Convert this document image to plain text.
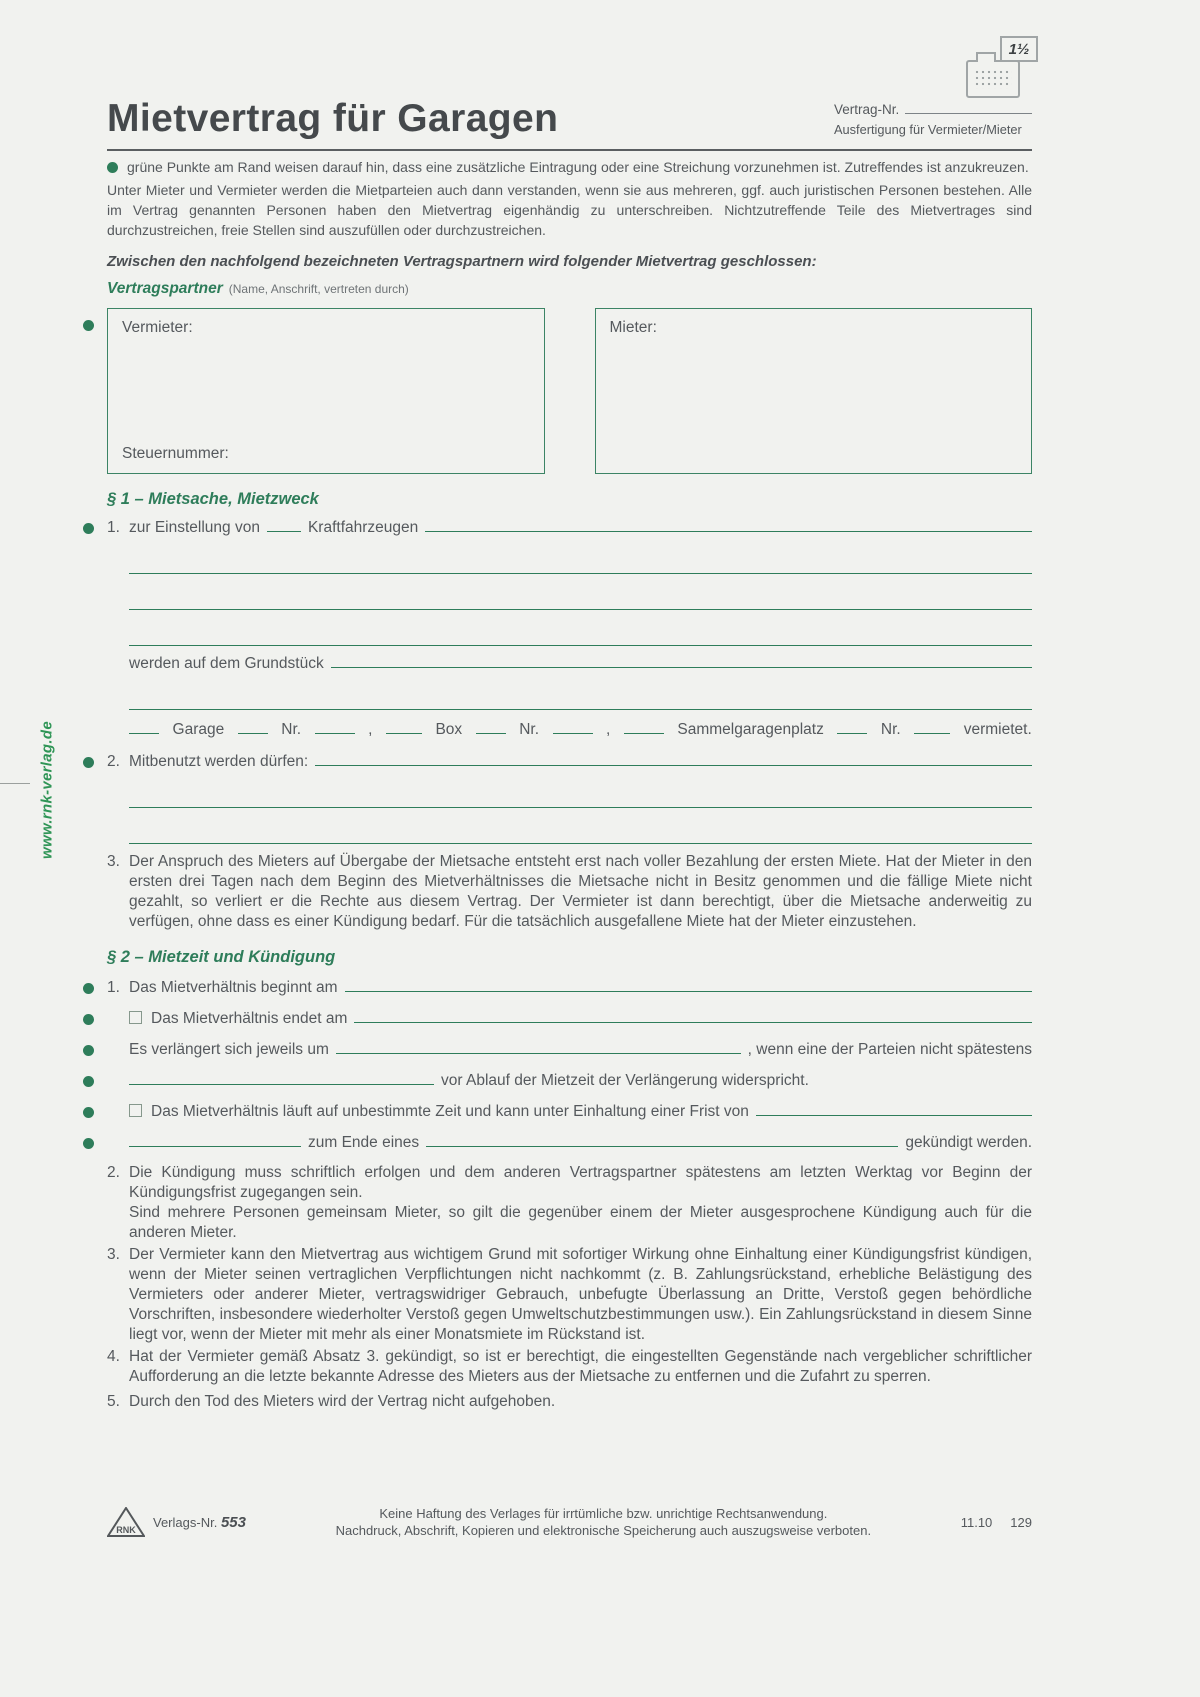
1½
www.rnk-verlag.de
Mietvertrag für Garagen	Vertrag-Nr.
Ausfertigung für Vermieter/Mieter

grüne Punkte am Rand weisen darauf hin, dass eine zusätzliche Eintragung oder eine Streichung vorzunehmen ist. Zutreffendes ist anzukreuzen.

Unter Mieter und Vermieter werden die Mietparteien auch dann verstanden, wenn sie aus mehreren, ggf. auch juristischen Personen bestehen. Alle im Vertrag genannten Personen haben den Mietvertrag eigenhändig zu unterschreiben. Nichtzutreffende Teile des Mietvertrages sind durchzustreichen, freie Stellen sind auszufüllen oder durchzustreichen.

Zwischen den nachfolgend bezeichneten Vertragspartnern wird folgender Mietvertrag geschlossen:

Vertragspartner (Name, Anschrift, vertreten durch)

Vermieter:
Steuernummer:
Mieter:
§ 1 – Mietsache, Mietzweck
1. zur Einstellung von	Kraftfahrzeugen
werden auf dem Grundstück
Garage	Nr.	,	Box	Nr.	,	Sammelgaragenplatz	Nr.	vermietet.
2. Mitbenutzt werden dürfen:
3. Der Anspruch des Mieters auf Übergabe der Mietsache entsteht erst nach voller Bezahlung der ersten Miete. Hat der Mieter in den ersten drei Tagen nach dem Beginn des Mietverhältnisses die Mietsache nicht in Besitz genommen und die fällige Miete nicht gezahlt, so verliert er die Rechte aus diesem Vertrag. Der Vermieter ist dann berechtigt, über die Mietsache anderweitig zu verfügen, ohne dass es einer Kündigung bedarf. Für die tatsächlich ausgefallene Miete hat der Mieter einzustehen.
§ 2 – Mietzeit und Kündigung
1. Das Mietverhältnis beginnt am
Das Mietverhältnis endet am
Es verlängert sich jeweils um	, wenn eine der Parteien nicht spätestens
vor Ablauf der Mietzeit der Verlängerung widerspricht.
Das Mietverhältnis läuft auf unbestimmte Zeit und kann unter Einhaltung einer Frist von
zum Ende eines	gekündigt werden.
2. Die Kündigung muss schriftlich erfolgen und dem anderen Vertragspartner spätestens am letzten Werktag vor Beginn der Kündigungsfrist zugegangen sein.
Sind mehrere Personen gemeinsam Mieter, so gilt die gegenüber einem der Mieter ausgesprochene Kündigung auch für die anderen Mieter.
3. Der Vermieter kann den Mietvertrag aus wichtigem Grund mit sofortiger Wirkung ohne Einhaltung einer Kündigungsfrist kündigen, wenn der Mieter seinen vertraglichen Verpflichtungen nicht nachkommt (z. B. Zahlungsrückstand, erhebliche Belästigung des Vermieters oder anderer Mieter, vertragswidriger Gebrauch, unbefugte Überlassung an Dritte, Verstoß gegen behördliche Vorschriften, insbesondere wiederholter Verstoß gegen Umweltschutzbestimmungen usw.). Ein Zahlungsrückstand in diesem Sinne liegt vor, wenn der Mieter mit mehr als einer Monatsmiete im Rückstand ist.
4. Hat der Vermieter gemäß Absatz 3. gekündigt, so ist er berechtigt, die eingestellten Gegenstände nach vergeblicher schriftlicher Aufforderung an die letzte bekannte Adresse des Mieters aus der Mietsache zu entfernen und die Zufahrt zu sperren.
5. Durch den Tod des Mieters wird der Vertrag nicht aufgehoben.
RNK
Verlags-Nr. 553	Keine Haftung des Verlages für irrtümliche bzw. unrichtige Rechtsanwendung.
Nachdruck, Abschrift, Kopieren und elektronische Speicherung auch auszugsweise verboten.
11.10 129
